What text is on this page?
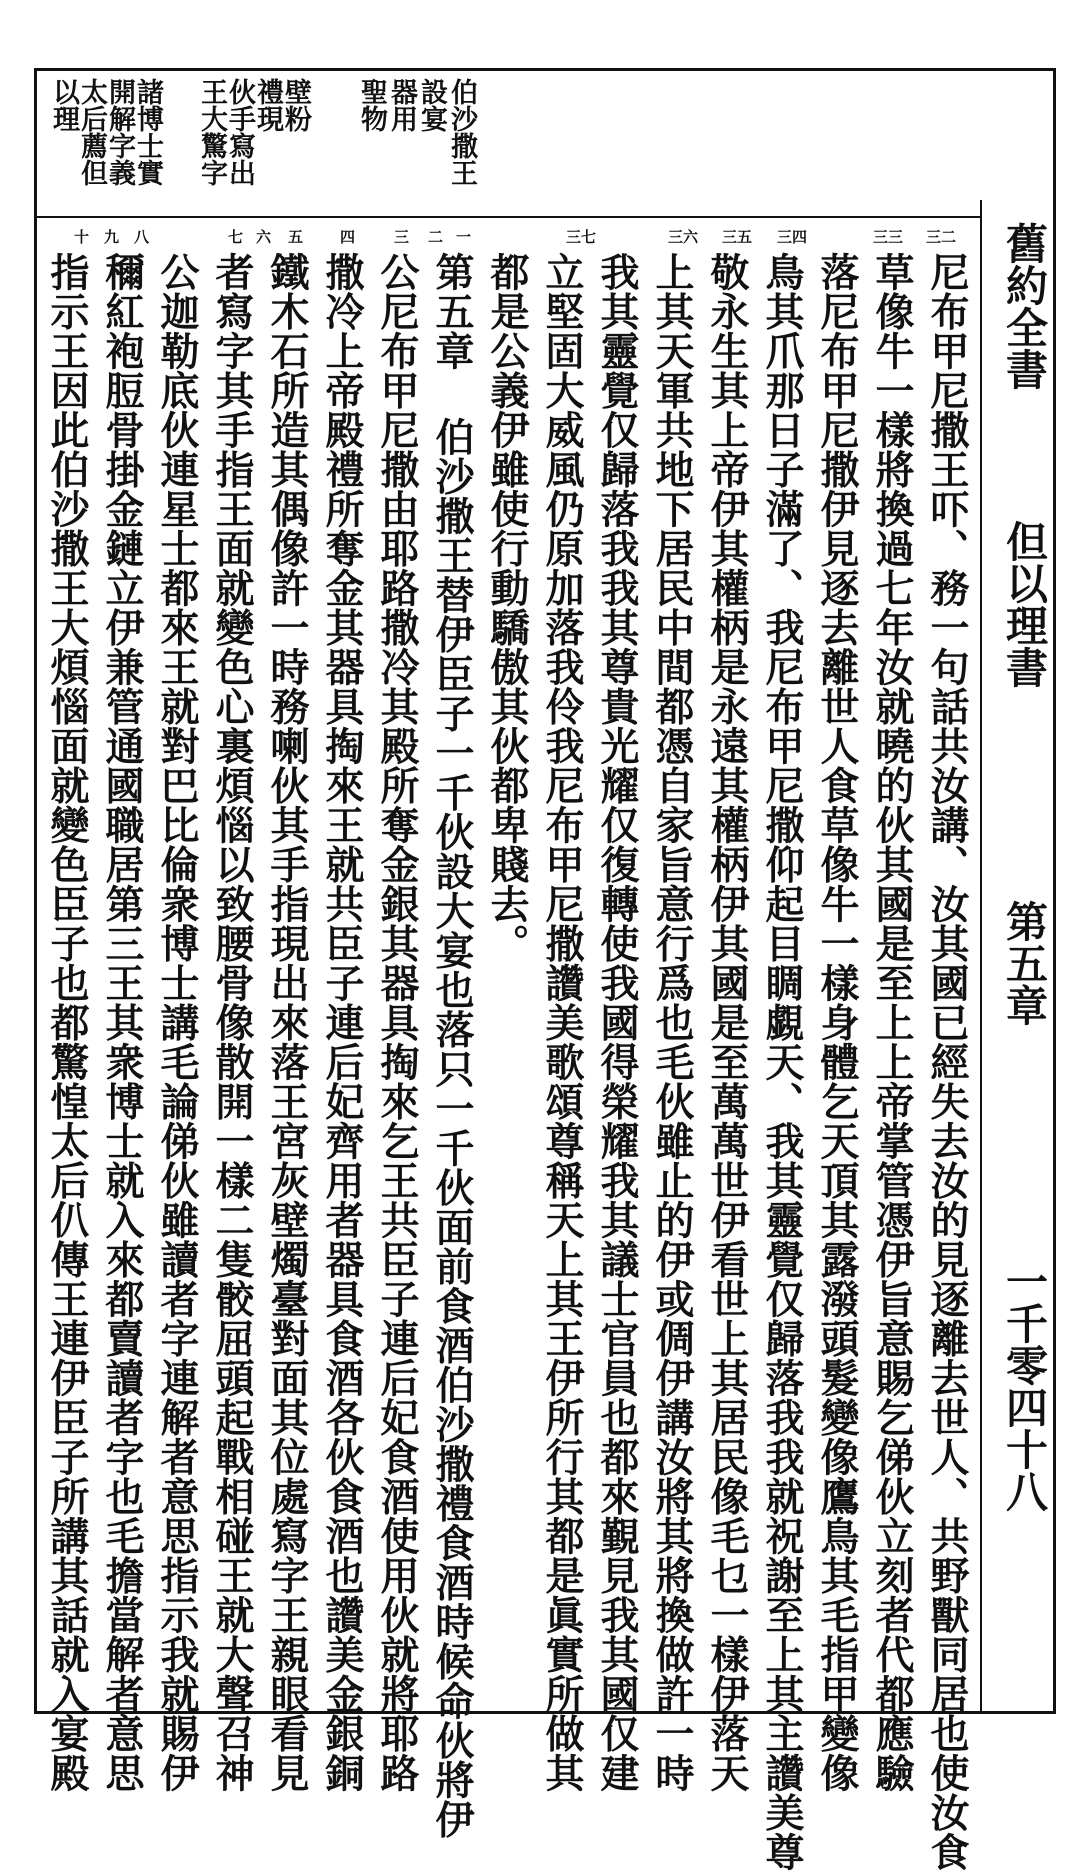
舊約全書
但以理書
第五章
一千零四十八
伯沙撒王
設宴
器用
聖物
壁粉
禮現
伙手寫出
王大驚字
諸博士實
開解字義
太后薦但
以理
三二
三三
三四
三五
三六
三七
一
二
三
四
五
六
七
八
九
十
尼布甲尼撒王吓、務一句話共汝講、汝其國已經失去汝的見逐離去世人、共野獸同居也使汝食
草像牛一樣將換過七年汝就曉的伙其國是至上上帝掌管憑伊旨意賜乞俤伙立刻者代都應驗
落尼布甲尼撒伊見逐去離世人食草像牛一樣身體乞天頂其露潑頭髮變像鷹鳥其毛指甲變像
鳥其爪那日子滿了、我尼布甲尼撒仰起目睭覷天、我其靈覺仅歸落我我就祝謝至上其主讚美尊
敬永生其上帝伊其權柄是永遠其權柄伊其國是至萬萬世伊看世上其居民像毛乜一樣伊落天
上其天軍共地下居民中間都憑自家旨意行爲也毛伙雖止的伊或倜伊講汝將其將換做許一時
我其靈覺仅歸落我我其尊貴光耀仅復轉使我國得榮耀我其議士官員也都來覲見我其國仅建
立堅固大威風仍原加落我伶我尼布甲尼撒讚美歌頌尊稱天上其王伊所行其都是眞實所做其
都是公義伊雖使行動驕傲其伙都卑賤去。
第五章 伯沙撒王替伊臣子一千伙設大宴也落只一千伙面前食酒伯沙撒禮食酒時候命伙將伊
公尼布甲尼撒由耶路撒冷其殿所奪金銀其器具掏來乞王共臣子連后妃食酒使用伙就將耶路
撒冷上帝殿禮所奪金其器具掏來王就共臣子連后妃齊用者器具食酒各伙食酒也讚美金銀銅
鐵木石所造其偶像許一時務喇伙其手指現出來落王宮灰壁燭臺對面其位處寫字王親眼看見
者寫字其手指王面就變色心裏煩惱以致腰骨像散開一樣二隻骹屈頭起戰相碰王就大聲召神
公迦勒底伙連星士都來王就對巴比倫衆博士講毛論俤伙雖讀者字連解者意思指示我就賜伊
穪紅袍脰骨掛金鏈立伊兼管通國職居第三王其衆博士就入來都賣讀者字也毛擔當解者意思
指示王因此伯沙撒王大煩惱面就變色臣子也都驚惶太后仈傳王連伊臣子所講其話就入宴殿
